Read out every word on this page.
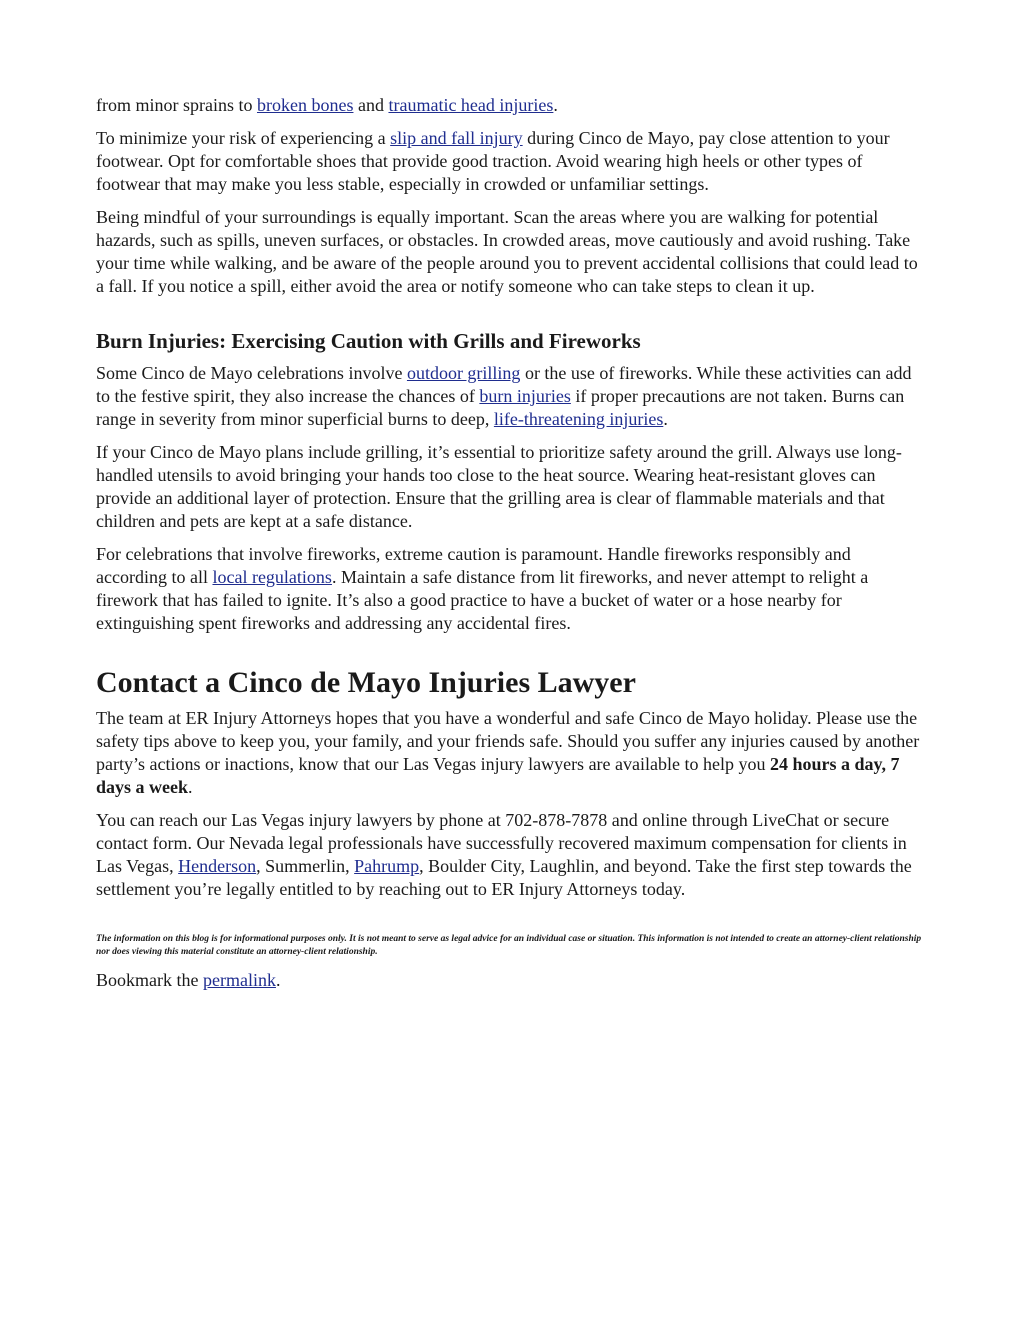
from minor sprains to broken bones and traumatic head injuries.

To minimize your risk of experiencing a slip and fall injury during Cinco de Mayo, pay close attention to your footwear. Opt for comfortable shoes that provide good traction. Avoid wearing high heels or other types of footwear that may make you less stable, especially in crowded or unfamiliar settings.

Being mindful of your surroundings is equally important. Scan the areas where you are walking for potential hazards, such as spills, uneven surfaces, or obstacles. In crowded areas, move cautiously and avoid rushing. Take your time while walking, and be aware of the people around you to prevent accidental collisions that could lead to a fall. If you notice a spill, either avoid the area or notify someone who can take steps to clean it up.

Burn Injuries: Exercising Caution with Grills and Fireworks

Some Cinco de Mayo celebrations involve outdoor grilling or the use of fireworks. While these activities can add to the festive spirit, they also increase the chances of burn injuries if proper precautions are not taken. Burns can range in severity from minor superficial burns to deep, life-threatening injuries.

If your Cinco de Mayo plans include grilling, it’s essential to prioritize safety around the grill. Always use long-handled utensils to avoid bringing your hands too close to the heat source. Wearing heat-resistant gloves can provide an additional layer of protection. Ensure that the grilling area is clear of flammable materials and that children and pets are kept at a safe distance.

For celebrations that involve fireworks, extreme caution is paramount. Handle fireworks responsibly and according to all local regulations. Maintain a safe distance from lit fireworks, and never attempt to relight a firework that has failed to ignite. It’s also a good practice to have a bucket of water or a hose nearby for extinguishing spent fireworks and addressing any accidental fires.

Contact a Cinco de Mayo Injuries Lawyer

The team at ER Injury Attorneys hopes that you have a wonderful and safe Cinco de Mayo holiday. Please use the safety tips above to keep you, your family, and your friends safe. Should you suffer any injuries caused by another party’s actions or inactions, know that our Las Vegas injury lawyers are available to help you 24 hours a day, 7 days a week.

You can reach our Las Vegas injury lawyers by phone at 702-878-7878 and online through LiveChat or secure contact form. Our Nevada legal professionals have successfully recovered maximum compensation for clients in Las Vegas, Henderson, Summerlin, Pahrump, Boulder City, Laughlin, and beyond. Take the first step towards the settlement you’re legally entitled to by reaching out to ER Injury Attorneys today.

The information on this blog is for informational purposes only. It is not meant to serve as legal advice for an individual case or situation. This information is not intended to create an attorney-client relationship nor does viewing this material constitute an attorney-client relationship.

Bookmark the permalink.
